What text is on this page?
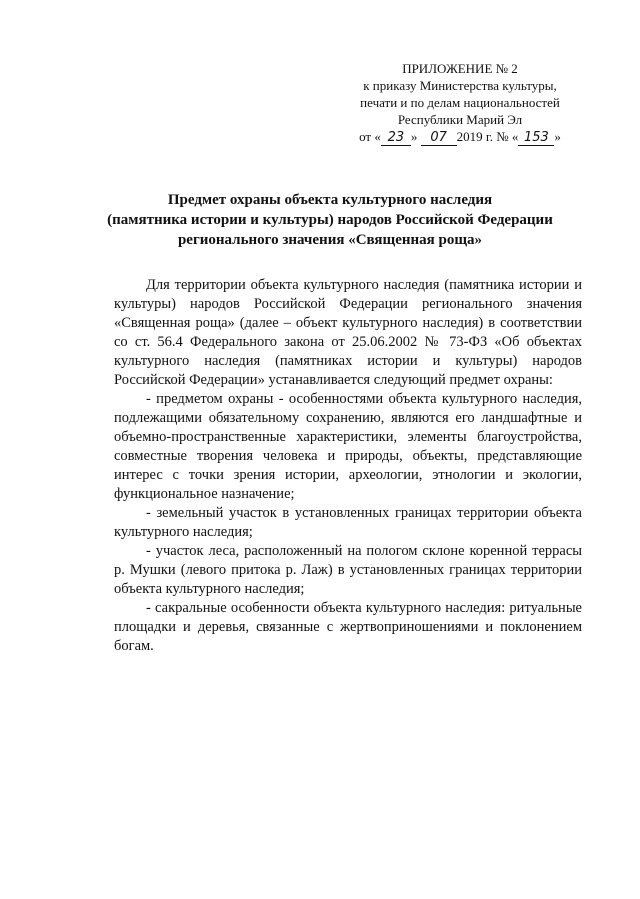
ПРИЛОЖЕНИЕ № 2
к приказу Министерства культуры,
печати и по делам национальностей
Республики Марий Эл
от « 23 » 07 2019 г. № « 153 »
Предмет охраны объекта культурного наследия
(памятника истории и культуры) народов Российской Федерации
регионального значения «Священная роща»

Для территории объекта культурного наследия (памятника истории и культуры) народов Российской Федерации регионального значения «Священная роща» (далее – объект культурного наследия) в соответствии со ст. 56.4 Федерального закона от 25.06.2002 № 73-ФЗ «Об объектах культурного наследия (памятниках истории и культуры) народов Российской Федерации» устанавливается следующий предмет охраны:

- предметом охраны - особенностями объекта культурного наследия, подлежащими обязательному сохранению, являются его ландшафтные и объемно-пространственные характеристики, элементы благоустройства, совместные творения человека и природы, объекты, представляющие интерес с точки зрения истории, археологии, этнологии и экологии, функциональное назначение;

- земельный участок в установленных границах территории объекта культурного наследия;

- участок леса, расположенный на пологом склоне коренной террасы р. Мушки (левого притока р. Лаж) в установленных границах территории объекта культурного наследия;

- сакральные особенности объекта культурного наследия: ритуальные площадки и деревья, связанные с жертвоприношениями и поклонением богам.
